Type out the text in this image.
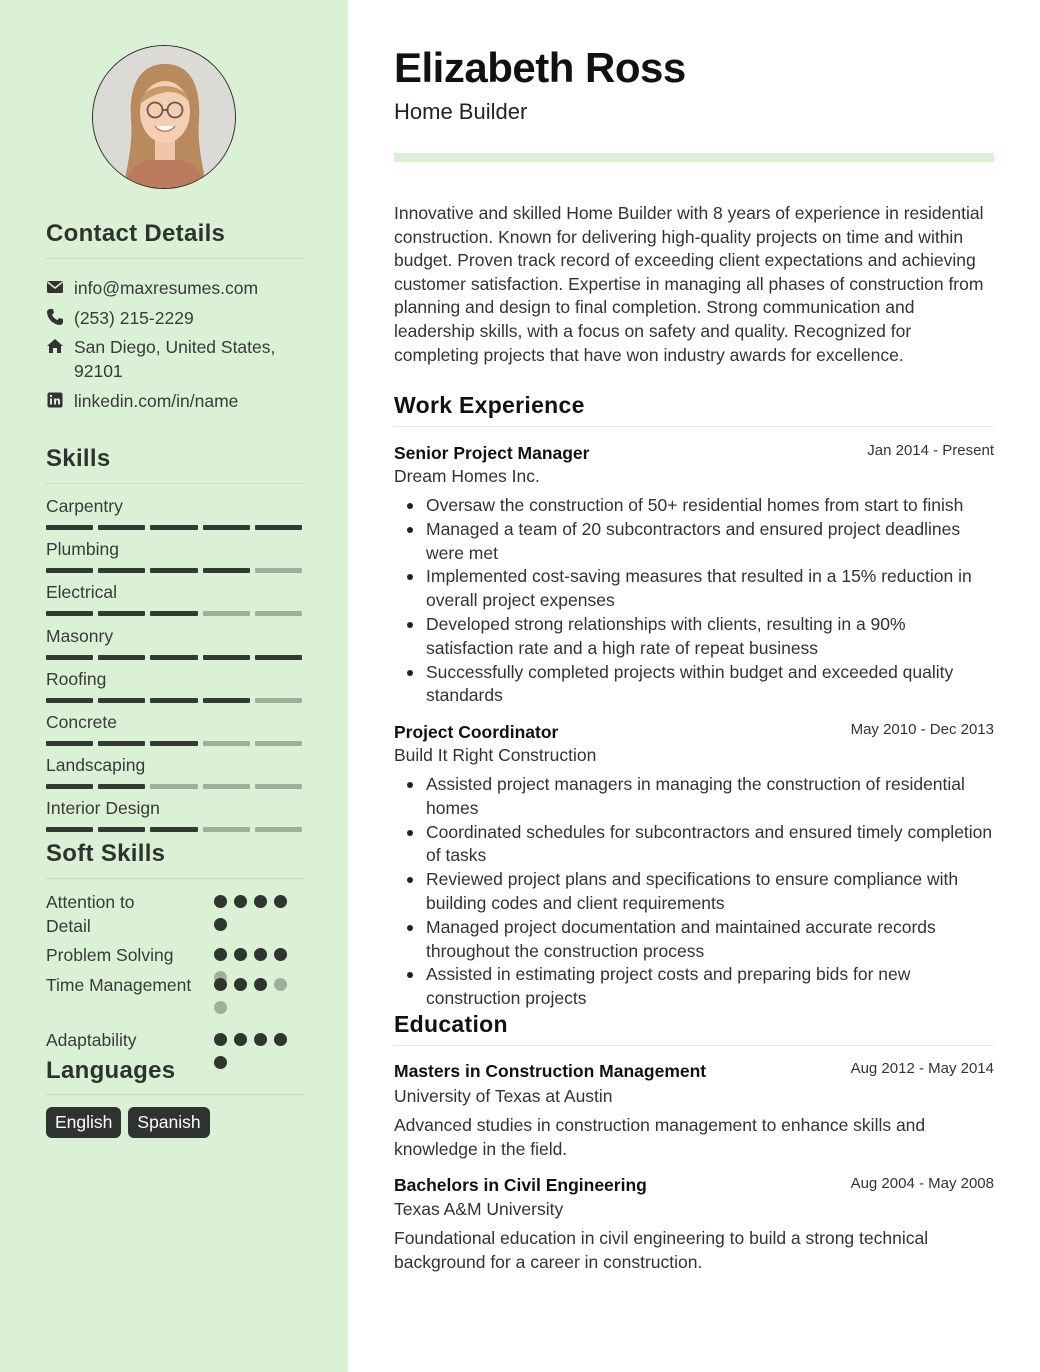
Contact Details
info@maxresumes.com
(253) 215-2229
San Diego, United States, 92101
linkedin.com/in/name
Skills
Carpentry
Plumbing
Electrical
Masonry
Roofing
Concrete
Landscaping
Interior Design
Soft Skills
Attention to Detail
Problem Solving
Time Management
Adaptability
Languages
English	Spanish
Elizabeth Ross
Home Builder
Innovative and skilled Home Builder with 8 years of experience in residential construction. Known for delivering high-quality projects on time and within budget. Proven track record of exceeding client expectations and achieving customer satisfaction. Expertise in managing all phases of construction from planning and design to final completion. Strong communication and leadership skills, with a focus on safety and quality. Recognized for completing projects that have won industry awards for excellence.
Work Experience
Senior Project Manager	Jan 2014 - Present
Dream Homes Inc.
Oversaw the construction of 50+ residential homes from start to finish
Managed a team of 20 subcontractors and ensured project deadlines were met
Implemented cost-saving measures that resulted in a 15% reduction in overall project expenses
Developed strong relationships with clients, resulting in a 90% satisfaction rate and a high rate of repeat business
Successfully completed projects within budget and exceeded quality standards
Project Coordinator	May 2010 - Dec 2013
Build It Right Construction
Assisted project managers in managing the construction of residential homes
Coordinated schedules for subcontractors and ensured timely completion of tasks
Reviewed project plans and specifications to ensure compliance with building codes and client requirements
Managed project documentation and maintained accurate records throughout the construction process
Assisted in estimating project costs and preparing bids for new construction projects
Education
Masters in Construction Management	Aug 2012 - May 2014
University of Texas at Austin
Advanced studies in construction management to enhance skills and knowledge in the field.
Bachelors in Civil Engineering	Aug 2004 - May 2008
Texas A&M University
Foundational education in civil engineering to build a strong technical background for a career in construction.
